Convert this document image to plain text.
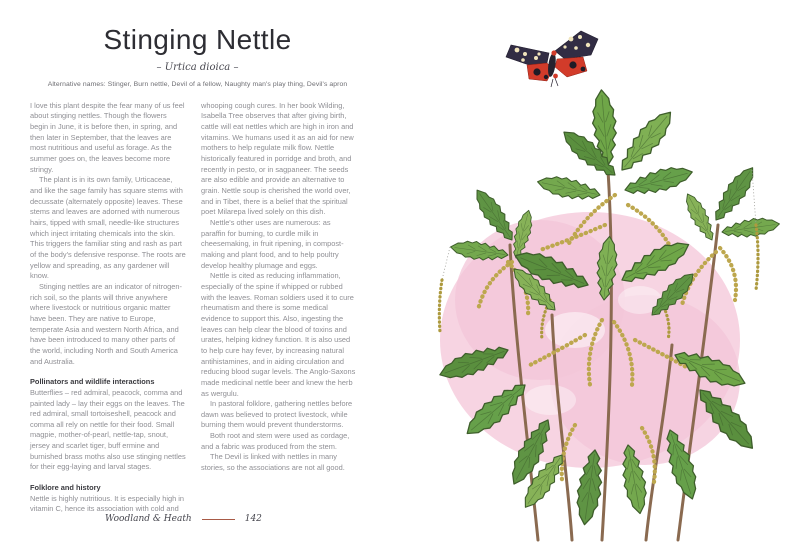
Stinging Nettle
– Urtica dioica –
Alternative names: Stinger, Burn nettle, Devil of a fellow, Naughty man's play thing, Devil's apron

I love this plant despite the fear many of us feel about stinging nettles. Though the flowers begin in June, it is before then, in spring, and then later in September, that the leaves are most nutritious and useful as forage. As the summer goes on, the leaves become more stringy.

The plant is in its own family, Urticaceae, and like the sage family has square stems with decussate (alternately opposite) leaves. These stems and leaves are adorned with numerous hairs, tipped with small, needle-like structures which inject irritating chemicals into the skin. This triggers the familiar sting and rash as part of the body's defensive response. The roots are yellow and spreading, as any gardener will know.

Stinging nettles are an indicator of nitrogen-rich soil, so the plants will thrive anywhere where livestock or nutritious organic matter have been. They are native to Europe, temperate Asia and western North Africa, and have been introduced to many other parts of the world, including North and South America and Australia.

Pollinators and wildlife interactions

Butterflies – red admiral, peacock, comma and painted lady – lay their eggs on the leaves. The red admiral, small tortoiseshell, peacock and comma all rely on nettle for their food. Small magpie, mother-of-pearl, nettle-tap, snout, jersey and scarlet tiger, buff ermine and burnished brass moths also use stinging nettles for their egg-laying and larval stages.

Folklore and history

Nettle is highly nutritious. It is especially high in vitamin C, hence its association with cold and

whooping cough cures. In her book Wilding, Isabella Tree observes that after giving birth, cattle will eat nettles which are high in iron and vitamins. We humans used it as an aid for new mothers to help regulate milk flow. Nettle historically featured in porridge and broth, and recently in pesto, or in sagpaneer. The seeds are also edible and provide an alternative to grain. Nettle soup is cherished the world over, and in Tibet, there is a belief that the spiritual poet Milarepa lived solely on this dish.

Nettle's other uses are numerous: as paraffin for burning, to curdle milk in cheesemaking, in fruit ripening, in compost-making and plant food, and to help poultry develop healthy plumage and eggs.

Nettle is cited as reducing inflammation, especially of the spine if whipped or rubbed with the leaves. Roman soldiers used it to cure rheumatism and there is some medical evidence to support this. Also, ingesting the leaves can help clear the blood of toxins and urates, helping kidney function. It is also used to help cure hay fever, by increasing natural antihistamines, and in aiding circulation and reducing blood sugar levels. The Anglo-Saxons made medicinal nettle beer and knew the herb as wergulu.

In pastoral folklore, gathering nettles before dawn was believed to protect livestock, while burning them would prevent thunderstorms.

Both root and stem were used as cordage, and a fabric was produced from the stem.

The Devil is linked with nettles in many stories, so the associations are not all good.

Woodland & Heath	142
